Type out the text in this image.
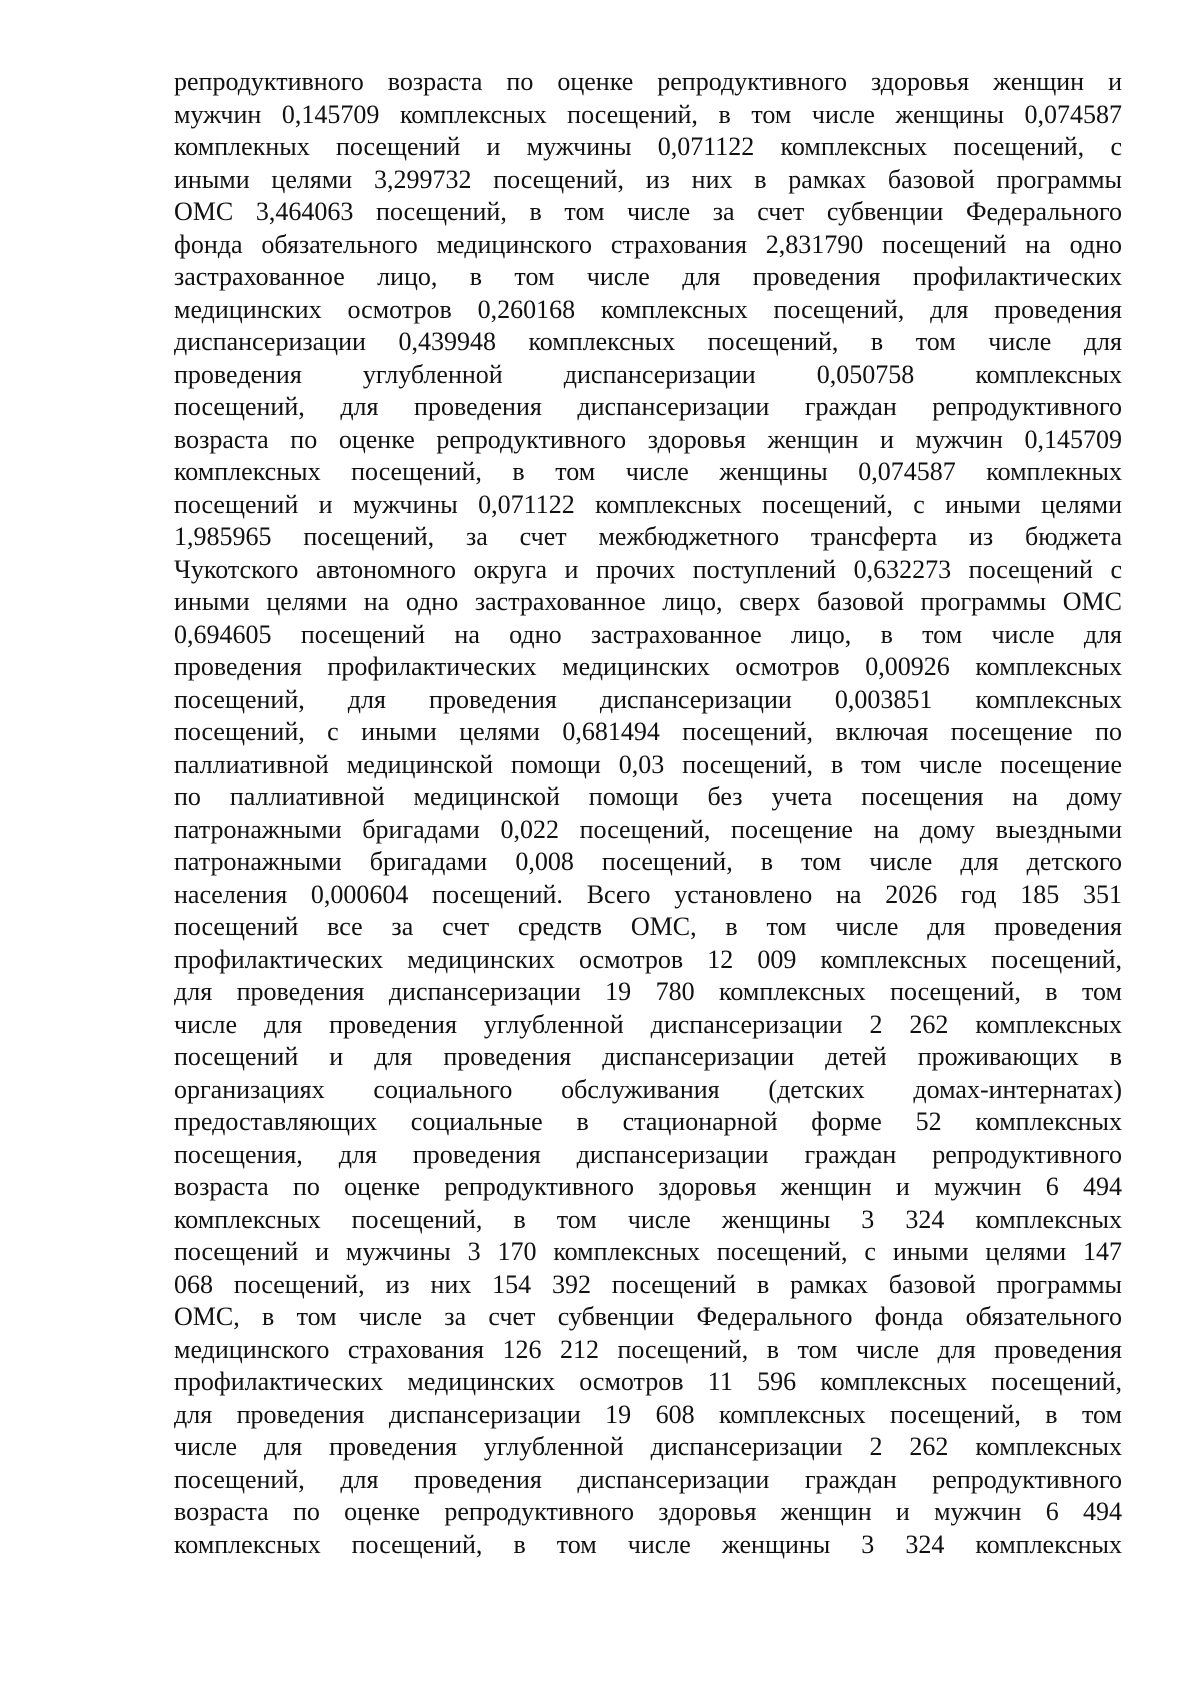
репродуктивного возраста по оценке репродуктивного здоровья женщин и
мужчин 0,145709 комплексных посещений, в том числе женщины 0,074587
комплекных посещений и мужчины 0,071122 комплексных посещений, с
иными целями 3,299732 посещений, из них в рамках базовой программы
ОМС 3,464063 посещений, в том числе за счет субвенции Федерального
фонда обязательного медицинского страхования 2,831790 посещений на одно
застрахованное лицо, в том числе для проведения профилактических
медицинских осмотров 0,260168 комплексных посещений, для проведения
диспансеризации 0,439948 комплексных посещений, в том числе для
проведения углубленной диспансеризации 0,050758 комплексных
посещений, для проведения диспансеризации граждан репродуктивного
возраста по оценке репродуктивного здоровья женщин и мужчин 0,145709
комплексных посещений, в том числе женщины 0,074587 комплекных
посещений и мужчины 0,071122 комплексных посещений, с иными целями
1,985965 посещений, за счет межбюджетного трансферта из бюджета
Чукотского автономного округа и прочих поступлений 0,632273 посещений с
иными целями на одно застрахованное лицо, сверх базовой программы ОМС
0,694605 посещений на одно застрахованное лицо, в том числе для
проведения профилактических медицинских осмотров 0,00926 комплексных
посещений, для проведения диспансеризации 0,003851 комплексных
посещений, с иными целями 0,681494 посещений, включая посещение по
паллиативной медицинской помощи 0,03 посещений, в том числе посещение
по паллиативной медицинской помощи без учета посещения на дому
патронажными бригадами 0,022 посещений, посещение на дому выездными
патронажными бригадами 0,008 посещений, в том числе для детского
населения 0,000604 посещений. Всего установлено на 2026 год 185 351
посещений все за счет средств ОМС, в том числе для проведения
профилактических медицинских осмотров 12 009 комплексных посещений,
для проведения диспансеризации 19 780 комплексных посещений, в том
числе для проведения углубленной диспансеризации 2 262 комплексных
посещений и для проведения диспансеризации детей проживающих в
организациях социального обслуживания (детских домах-интернатах)
предоставляющих социальные в стационарной форме 52 комплексных
посещения, для проведения диспансеризации граждан репродуктивного
возраста по оценке репродуктивного здоровья женщин и мужчин 6 494
комплексных посещений, в том числе женщины 3 324 комплексных
посещений и мужчины 3 170 комплексных посещений, с иными целями 147
068 посещений, из них 154 392 посещений в рамках базовой программы
ОМС, в том числе за счет субвенции Федерального фонда обязательного
медицинского страхования 126 212 посещений, в том числе для проведения
профилактических медицинских осмотров 11 596 комплексных посещений,
для проведения диспансеризации 19 608 комплексных посещений, в том
числе для проведения углубленной диспансеризации 2 262 комплексных
посещений, для проведения диспансеризации граждан репродуктивного
возраста по оценке репродуктивного здоровья женщин и мужчин 6 494
комплексных посещений, в том числе женщины 3 324 комплексных
